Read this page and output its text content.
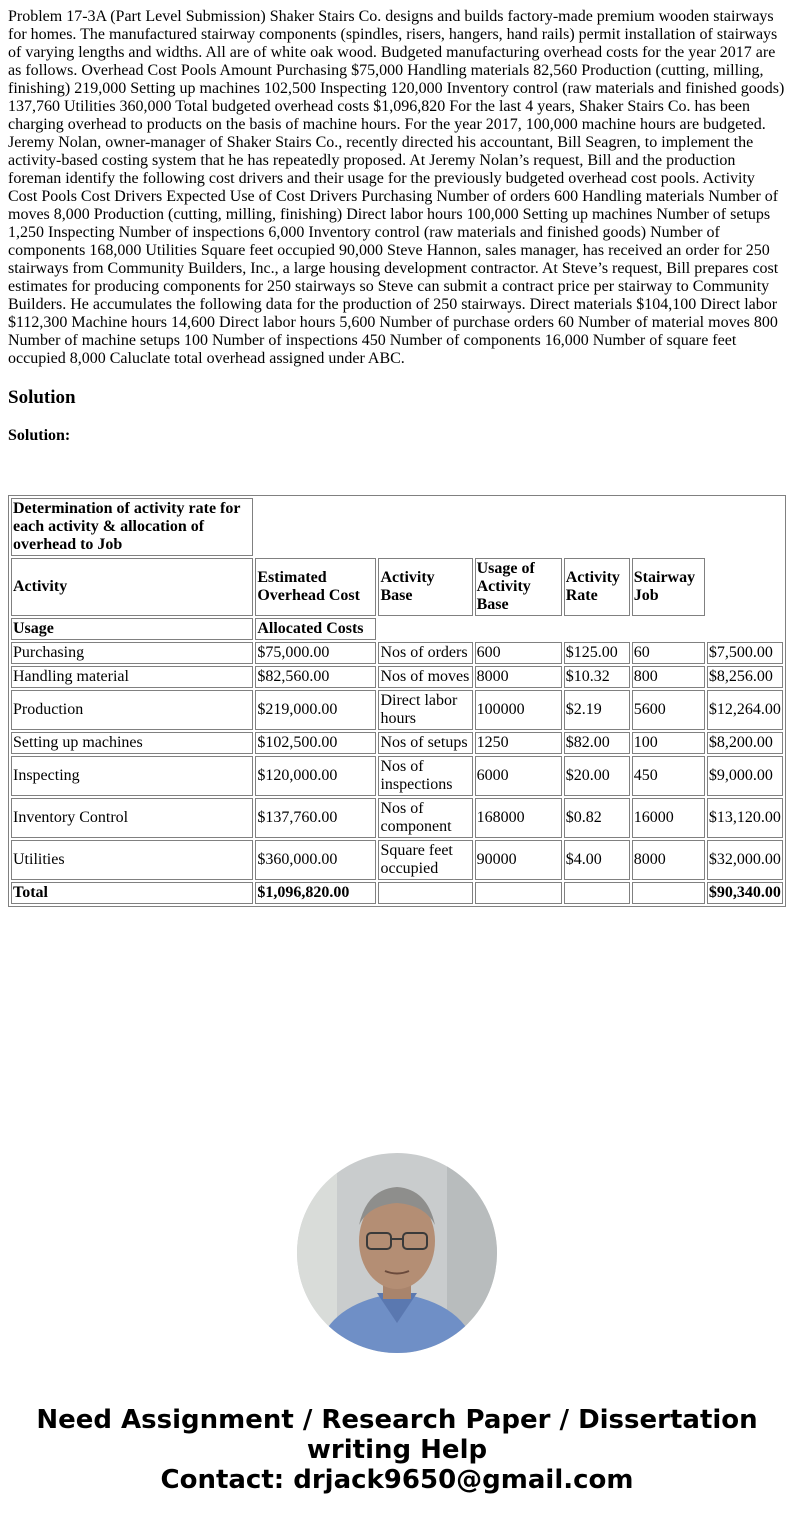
Problem 17-3A (Part Level Submission) Shaker Stairs Co. designs and builds factory-made premium wooden stairways for homes. The manufactured stairway components (spindles, risers, hangers, hand rails) permit installation of stairways of varying lengths and widths. All are of white oak wood. Budgeted manufacturing overhead costs for the year 2017 are as follows. Overhead Cost Pools Amount Purchasing $75,000 Handling materials 82,560 Production (cutting, milling, finishing) 219,000 Setting up machines 102,500 Inspecting 120,000 Inventory control (raw materials and finished goods) 137,760 Utilities 360,000 Total budgeted overhead costs $1,096,820 For the last 4 years, Shaker Stairs Co. has been charging overhead to products on the basis of machine hours. For the year 2017, 100,000 machine hours are budgeted. Jeremy Nolan, owner-manager of Shaker Stairs Co., recently directed his accountant, Bill Seagren, to implement the activity-based costing system that he has repeatedly proposed. At Jeremy Nolan’s request, Bill and the production foreman identify the following cost drivers and their usage for the previously budgeted overhead cost pools. Activity Cost Pools Cost Drivers Expected Use of Cost Drivers Purchasing Number of orders 600 Handling materials Number of moves 8,000 Production (cutting, milling, finishing) Direct labor hours 100,000 Setting up machines Number of setups 1,250 Inspecting Number of inspections 6,000 Inventory control (raw materials and finished goods) Number of components 168,000 Utilities Square feet occupied 90,000 Steve Hannon, sales manager, has received an order for 250 stairways from Community Builders, Inc., a large housing development contractor. At Steve’s request, Bill prepares cost estimates for producing components for 250 stairways so Steve can submit a contract price per stairway to Community Builders. He accumulates the following data for the production of 250 stairways. Direct materials $104,100 Direct labor $112,300 Machine hours 14,600 Direct labor hours 5,600 Number of purchase orders 60 Number of material moves 800 Number of machine setups 100 Number of inspections 450 Number of components 16,000 Number of square feet occupied 8,000 Caluclate total overhead assigned under ABC.

Solution
Solution:
Determination of activity rate for each activity & allocation of overhead to Job						
Activity	Estimated Overhead Cost	Activity Base	Usage of Activity Base	Activity Rate	Stairway Job	
Usage	Allocated Costs					
Purchasing	$75,000.00	Nos of orders	600	$125.00	60	$7,500.00
Handling material	$82,560.00	Nos of moves	8000	$10.32	800	$8,256.00
Production	$219,000.00	Direct labor hours	100000	$2.19	5600	$12,264.00
Setting up machines	$102,500.00	Nos of setups	1250	$82.00	100	$8,200.00
Inspecting	$120,000.00	Nos of inspections	6000	$20.00	450	$9,000.00
Inventory Control	$137,760.00	Nos of component	168000	$0.82	16000	$13,120.00
Utilities	$360,000.00	Square feet occupied	90000	$4.00	8000	$32,000.00
Total	$1,096,820.00					$90,340.00
Need Assignment / Research Paper / Dissertation
writing Help
Contact: drjack9650@gmail.com
